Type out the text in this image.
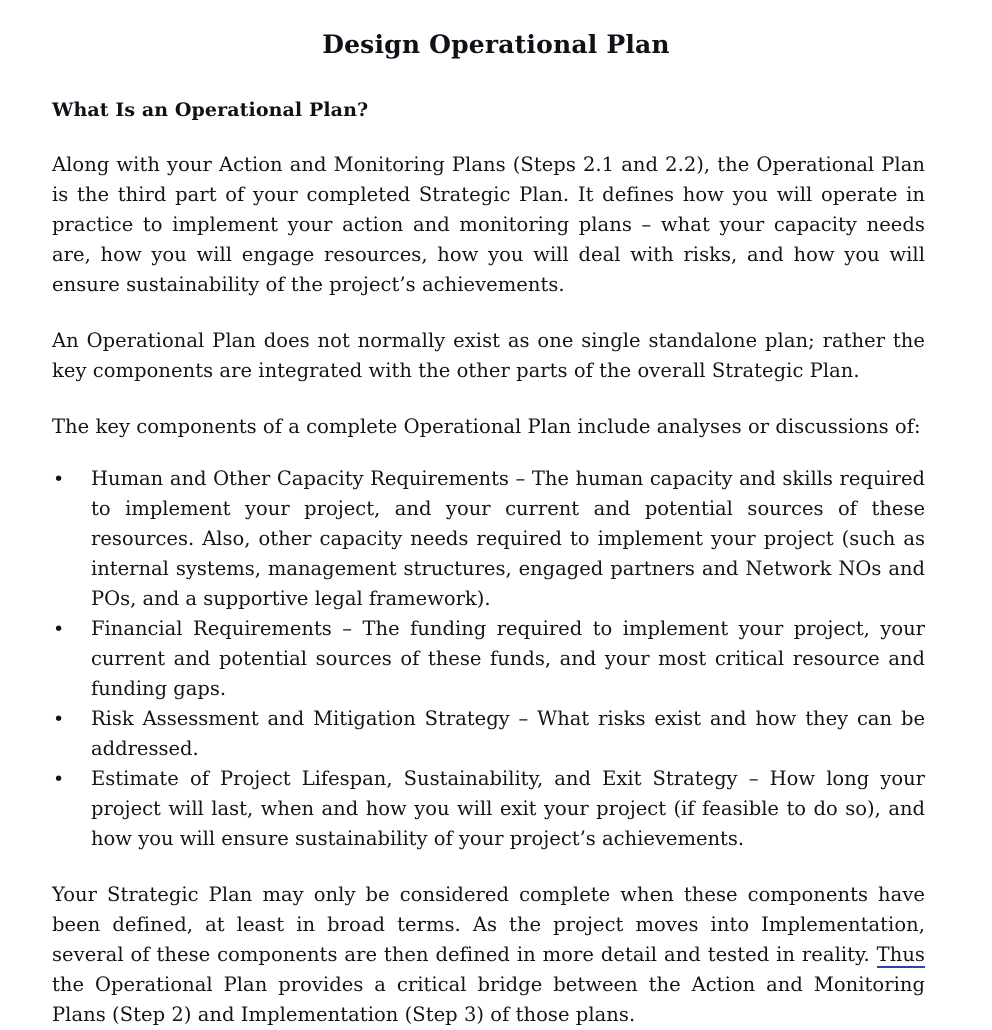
Design Operational Plan
What Is an Operational Plan?

Along with your Action and Monitoring Plans (Steps 2.1 and 2.2), the Operational Plan is the third part of your completed Strategic Plan. It defines how you will operate in practice to implement your action and monitoring plans – what your capacity needs are, how you will engage resources, how you will deal with risks, and how you will ensure sustainability of the project’s achievements.

An Operational Plan does not normally exist as one single standalone plan; rather the key components are integrated with the other parts of the overall Strategic Plan.

The key components of a complete Operational Plan include analyses or discussions of:

• Human and Other Capacity Requirements – The human capacity and skills required to implement your project, and your current and potential sources of these resources. Also, other capacity needs required to implement your project (such as internal systems, management structures, engaged partners and Network NOs and POs, and a supportive legal framework).
• Financial Requirements – The funding required to implement your project, your current and potential sources of these funds, and your most critical resource and funding gaps.
• Risk Assessment and Mitigation Strategy – What risks exist and how they can be addressed.
• Estimate of Project Lifespan, Sustainability, and Exit Strategy – How long your project will last, when and how you will exit your project (if feasible to do so), and how you will ensure sustainability of your project’s achievements.

Your Strategic Plan may only be considered complete when these components have been defined, at least in broad terms. As the project moves into Implementation, several of these components are then defined in more detail and tested in reality. Thus the Operational Plan provides a critical bridge between the Action and Monitoring Plans (Step 2) and Implementation (Step 3) of those plans.
